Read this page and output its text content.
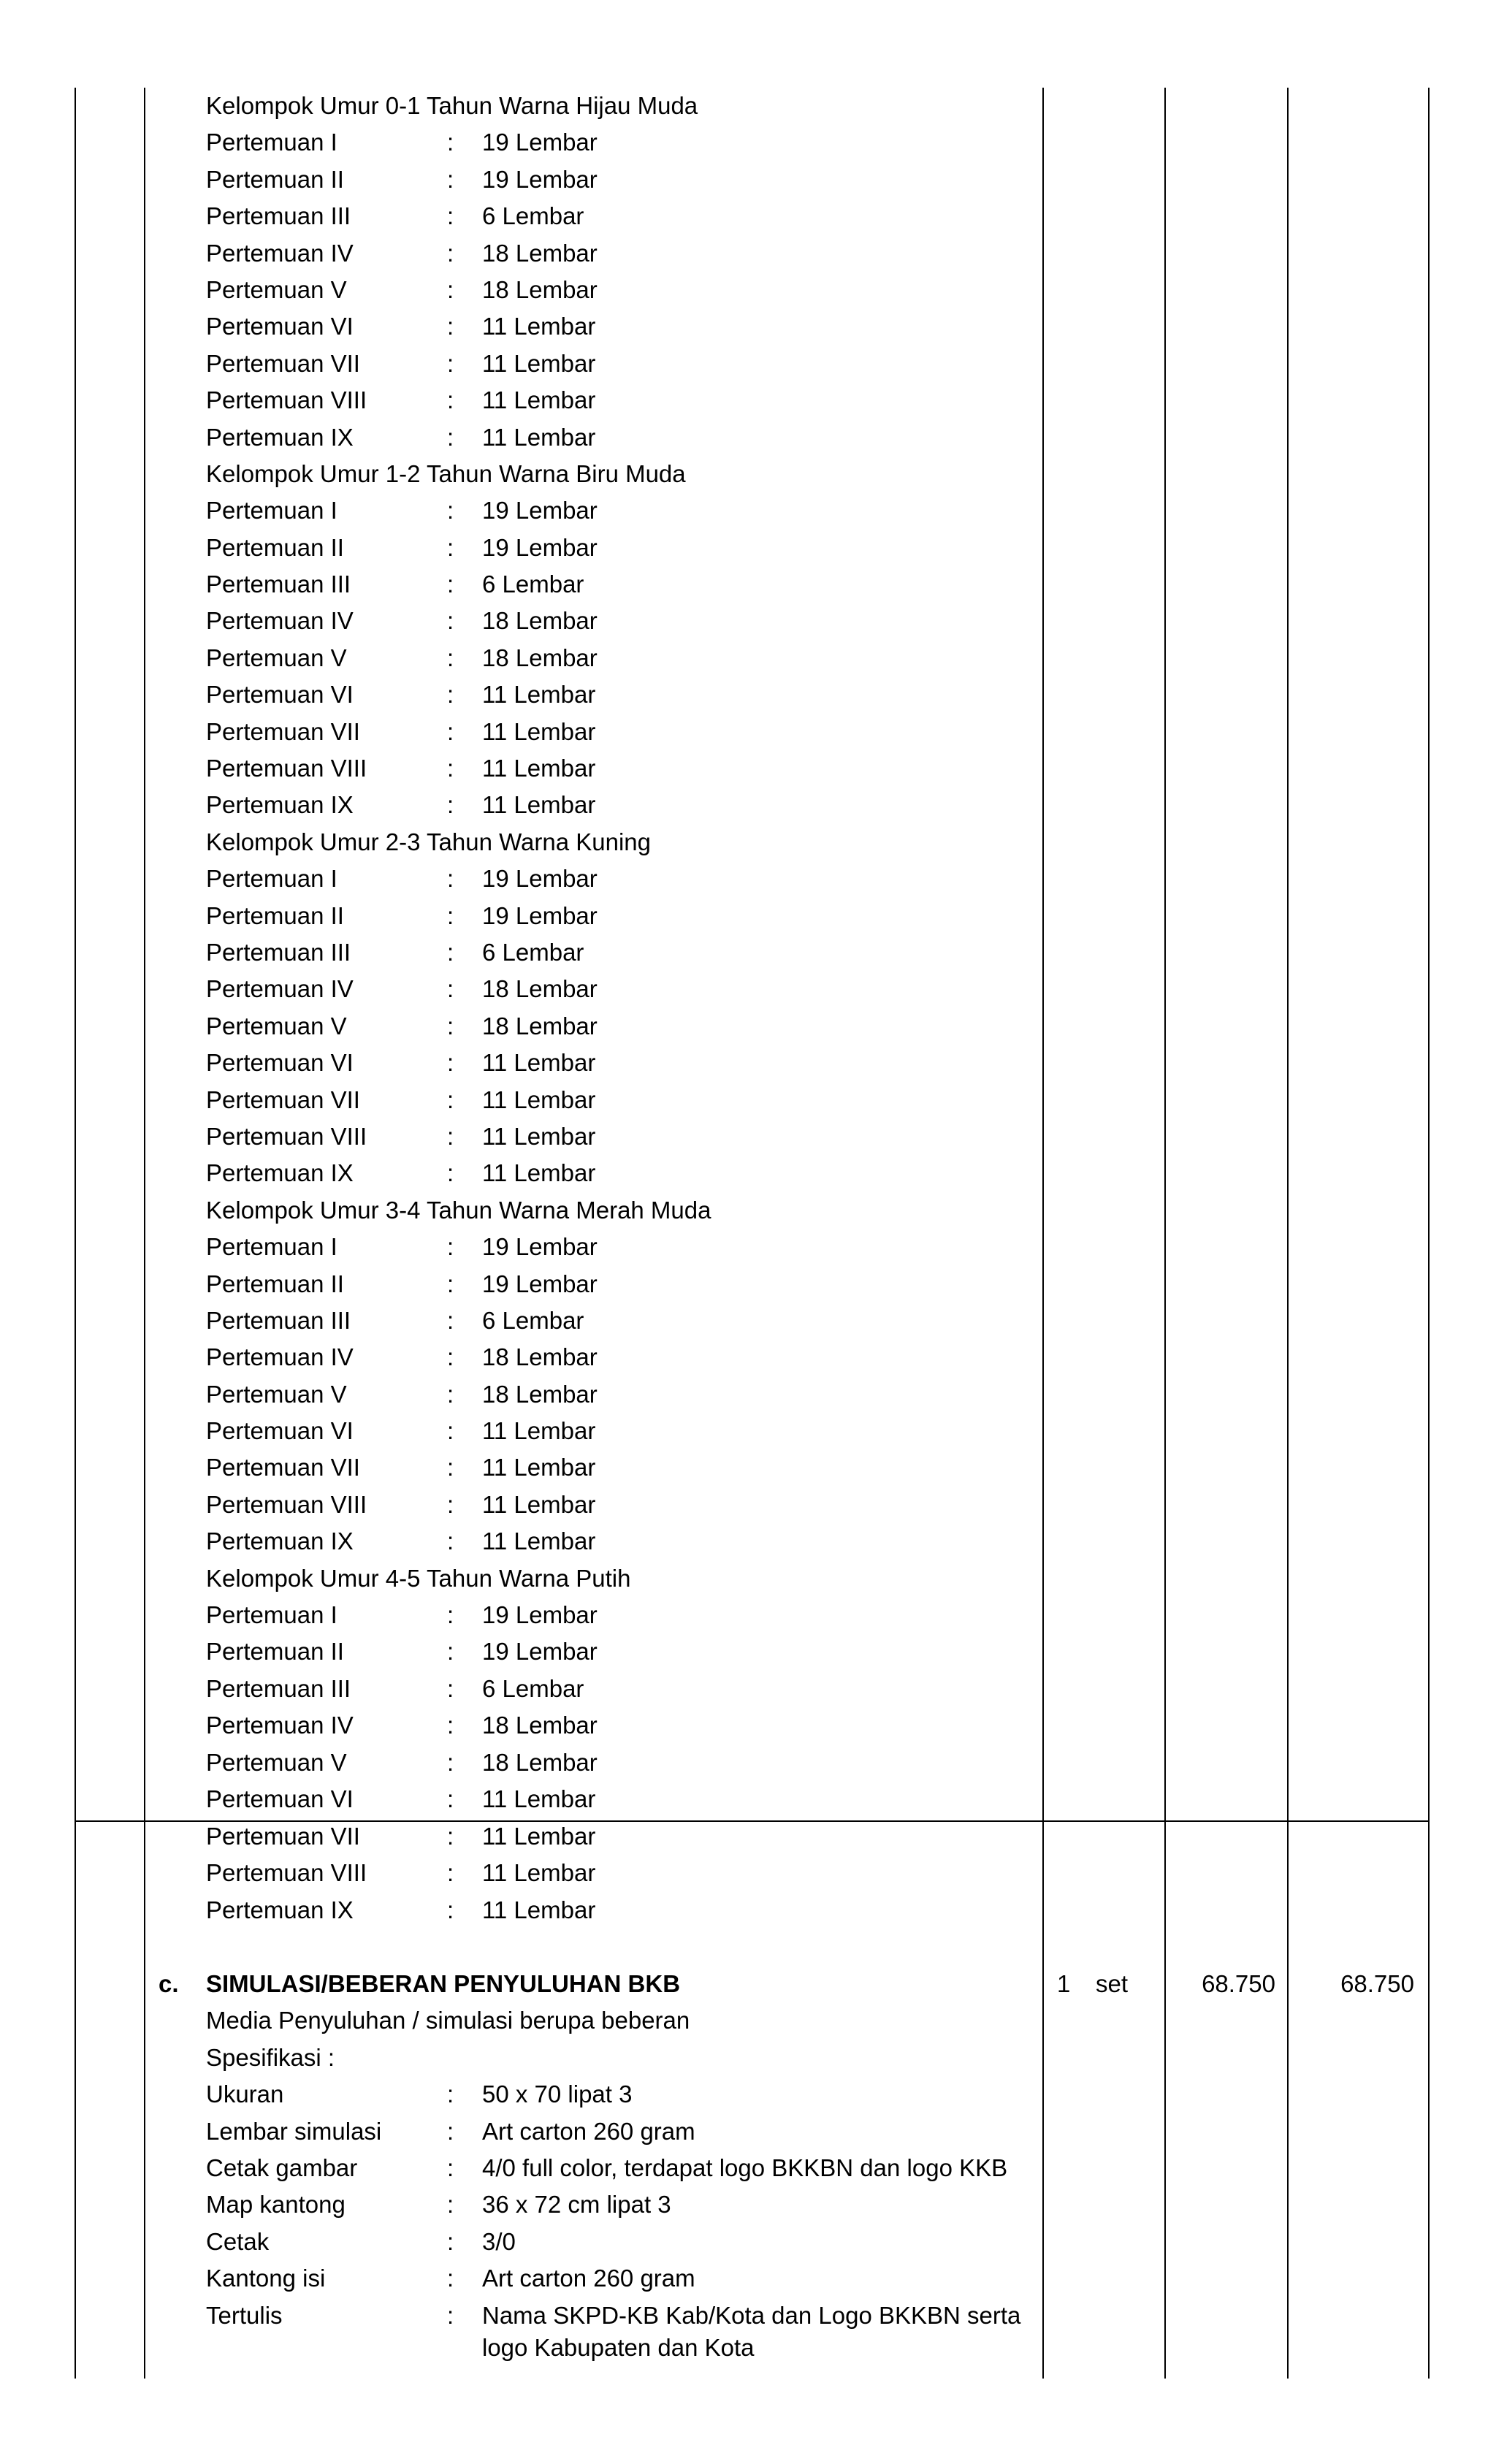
Kelompok Umur 0-1 Tahun Warna Hijau Muda
Pertemuan I	: 19 Lembar
Pertemuan II	: 19 Lembar
Pertemuan III	: 6 Lembar
Pertemuan IV	: 18 Lembar
Pertemuan V	: 18 Lembar
Pertemuan VI	: 11 Lembar
Pertemuan VII	: 11 Lembar
Pertemuan VIII	: 11 Lembar
Pertemuan IX	: 11 Lembar
Kelompok Umur 1-2 Tahun Warna Biru Muda
Pertemuan I	: 19 Lembar
Pertemuan II	: 19 Lembar
Pertemuan III	: 6 Lembar
Pertemuan IV	: 18 Lembar
Pertemuan V	: 18 Lembar
Pertemuan VI	: 11 Lembar
Pertemuan VII	: 11 Lembar
Pertemuan VIII	: 11 Lembar
Pertemuan IX	: 11 Lembar
Kelompok Umur 2-3 Tahun Warna Kuning
Pertemuan I	: 19 Lembar
Pertemuan II	: 19 Lembar
Pertemuan III	: 6 Lembar
Pertemuan IV	: 18 Lembar
Pertemuan V	: 18 Lembar
Pertemuan VI	: 11 Lembar
Pertemuan VII	: 11 Lembar
Pertemuan VIII	: 11 Lembar
Pertemuan IX	: 11 Lembar
Kelompok Umur 3-4 Tahun Warna Merah Muda
Pertemuan I	: 19 Lembar
Pertemuan II	: 19 Lembar
Pertemuan III	: 6 Lembar
Pertemuan IV	: 18 Lembar
Pertemuan V	: 18 Lembar
Pertemuan VI	: 11 Lembar
Pertemuan VII	: 11 Lembar
Pertemuan VIII	: 11 Lembar
Pertemuan IX	: 11 Lembar
Kelompok Umur 4-5 Tahun Warna Putih
Pertemuan I	: 19 Lembar
Pertemuan II	: 19 Lembar
Pertemuan III	: 6 Lembar
Pertemuan IV	: 18 Lembar
Pertemuan V	: 18 Lembar
Pertemuan VI	: 11 Lembar
Pertemuan VII	: 11 Lembar
Pertemuan VIII	: 11 Lembar
Pertemuan IX	: 11 Lembar
c. SIMULASI/BEBERAN PENYULUHAN BKB	1 set	68.750	68.750
Media Penyuluhan / simulasi berupa beberan
Spesifikasi :
Ukuran	: 50 x 70 lipat 3
Lembar simulasi	: Art carton 260 gram
Cetak gambar	: 4/0 full color, terdapat logo BKKBN dan logo KKB
Map kantong	: 36 x 72 cm lipat 3
Cetak	: 3/0
Kantong isi	: Art carton 260 gram
Tertulis	: Nama SKPD-KB Kab/Kota dan Logo BKKBN serta logo Kabupaten dan Kota
